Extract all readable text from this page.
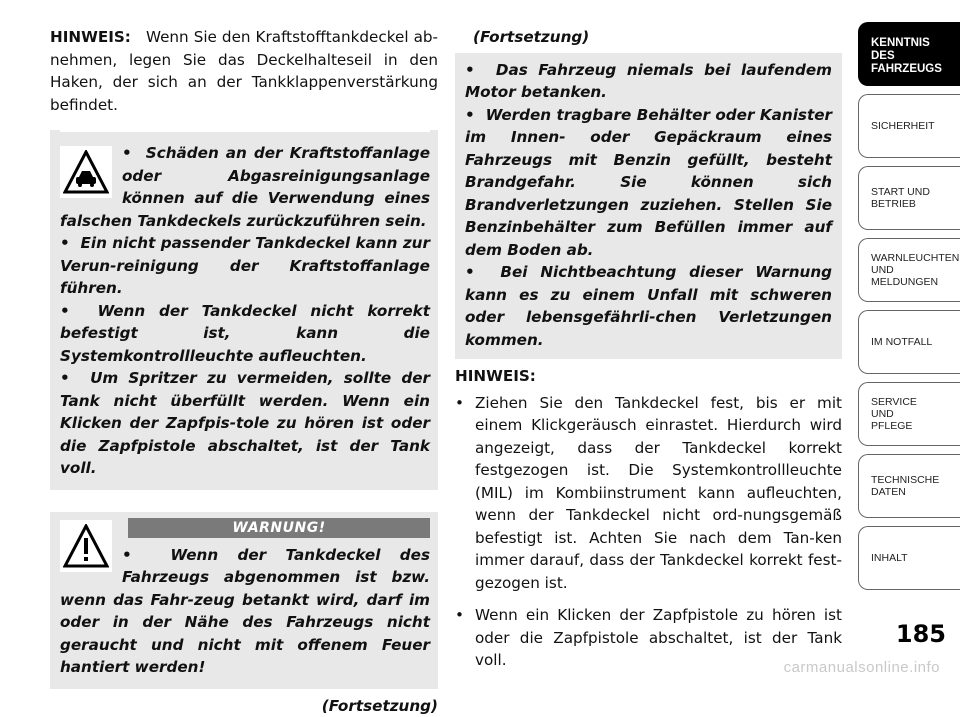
HINWEIS: Wenn Sie den Kraftstofftankdeckel ab-nehmen, legen Sie das Deckelhalteseil in den Haken, der sich an der Tankklappenverstärkung befindet.

• Schäden an der Kraftstoffanlage oder Abgasreinigungsanlage können auf die Verwendung eines falschen Tankdeckels zurückzuführen sein.

• Ein nicht passender Tankdeckel kann zur Verun-reinigung der Kraftstoffanlage führen.

• Wenn der Tankdeckel nicht korrekt befestigt ist, kann die Systemkontrollleuchte aufleuchten.

• Um Spritzer zu vermeiden, sollte der Tank nicht überfüllt werden. Wenn ein Klicken der Zapfpis-tole zu hören ist oder die Zapfpistole abschaltet, ist der Tank voll.

WARNUNG!

•	Wenn der Tankdeckel des Fahrzeugs abgenommen ist bzw. wenn das Fahr-zeug betankt wird, darf im oder in der Nähe des Fahrzeugs nicht geraucht und nicht mit offenem Feuer hantiert werden!

(Fortsetzung)
(Fortsetzung)

• Das Fahrzeug niemals bei laufendem Motor betanken.

• Werden tragbare Behälter oder Kanister im Innen- oder Gepäckraum eines Fahrzeugs mit Benzin gefüllt, besteht Brandgefahr. Sie können sich Brandverletzungen zuziehen. Stellen Sie Benzinbehälter zum Befüllen immer auf dem Boden ab.

• Bei Nichtbeachtung dieser Warnung kann es zu einem Unfall mit schweren oder lebensgefährli-chen Verletzungen kommen.

HINWEIS:
• Ziehen Sie den Tankdeckel fest, bis er mit einem Klickgeräusch einrastet. Hierdurch wird angezeigt, dass der Tankdeckel korrekt festgezogen ist. Die Systemkontrollleuchte (MIL) im Kombiinstrument kann aufleuchten, wenn der Tankdeckel nicht ord-nungsgemäß befestigt ist. Achten Sie nach dem Tan-ken immer darauf, dass der Tankdeckel korrekt fest-gezogen ist.
• Wenn ein Klicken der Zapfpistole zu hören ist oder die Zapfpistole abschaltet, ist der Tank voll.
KENNTNIS
DES
FAHRZEUGS
SICHERHEIT
START UND
BETRIEB
WARNLEUCHTEN
UND
MELDUNGEN
IM NOTFALL
SERVICE
UND
PFLEGE
TECHNISCHE
DATEN
INHALT
185
carmanualsonline.info
